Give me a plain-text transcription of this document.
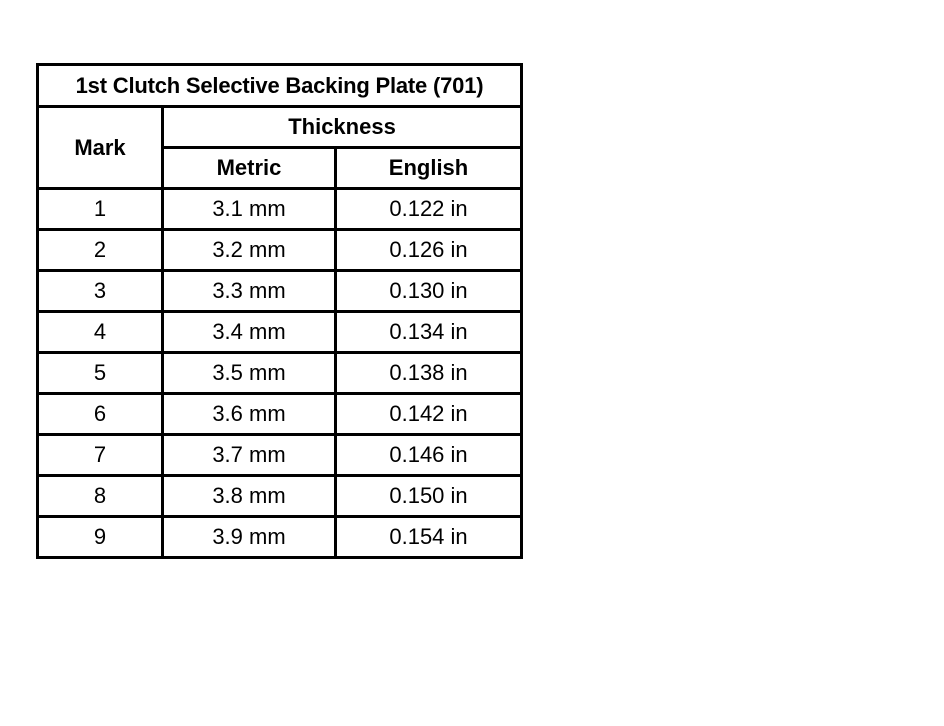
1st Clutch Selective Backing Plate (701)		
Mark	Thickness	
	Metric	English
1	3.1 mm	0.122 in
2	3.2 mm	0.126 in
3	3.3 mm	0.130 in
4	3.4 mm	0.134 in
5	3.5 mm	0.138 in
6	3.6 mm	0.142 in
7	3.7 mm	0.146 in
8	3.8 mm	0.150 in
9	3.9 mm	0.154 in
